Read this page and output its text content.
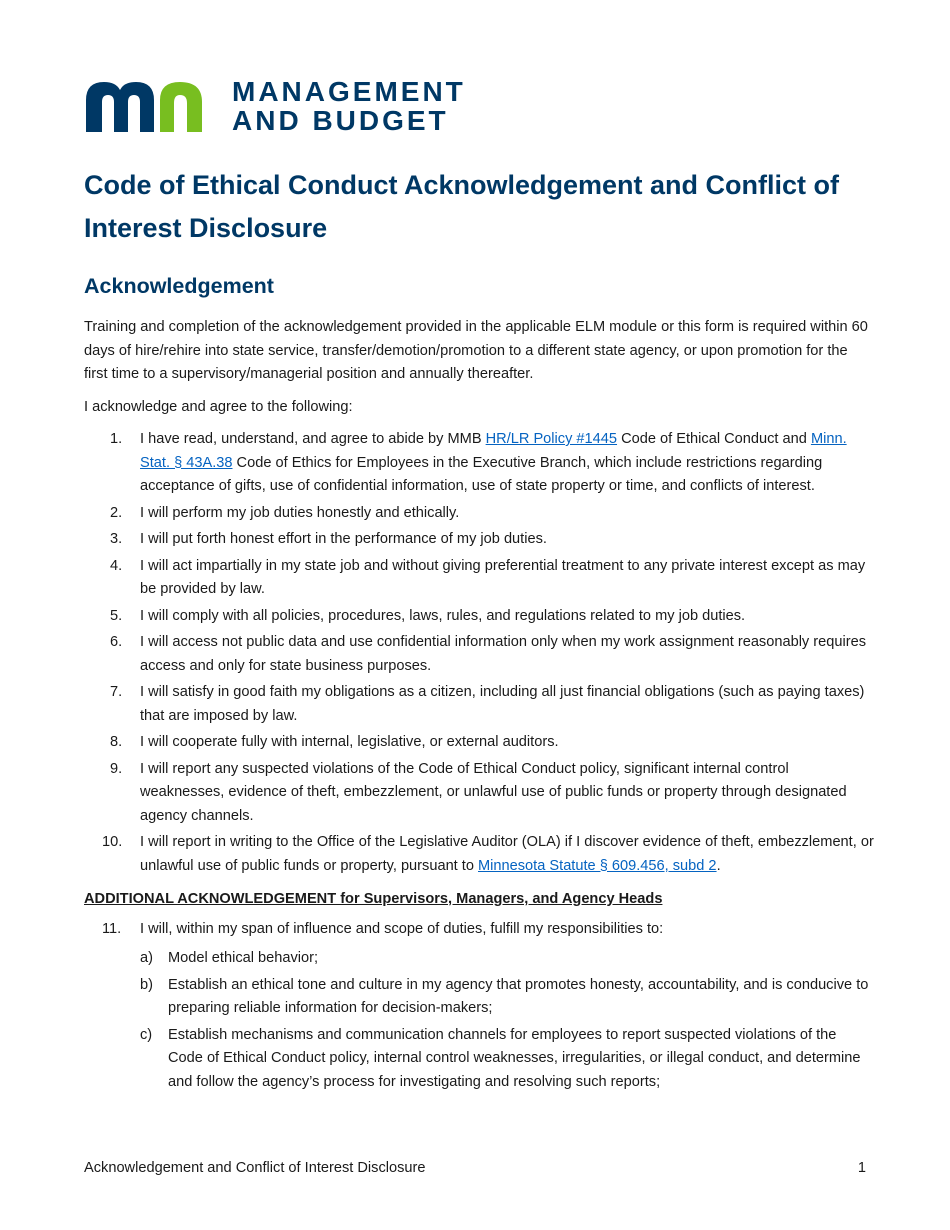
MANAGEMENT
AND BUDGET
Code of Ethical Conduct Acknowledgement and Conflict of Interest Disclosure
Acknowledgement

Training and completion of the acknowledgement provided in the applicable ELM module or this form is required within 60 days of hire/rehire into state service, transfer/demotion/promotion to a different state agency, or upon promotion for the first time to a supervisory/managerial position and annually thereafter.

I acknowledge and agree to the following:

1.	I have read, understand, and agree to abide by MMB HR/LR Policy #1445 Code of Ethical Conduct and Minn. Stat. § 43A.38 Code of Ethics for Employees in the Executive Branch, which include restrictions regarding acceptance of gifts, use of confidential information, use of state property or time, and conflicts of interest.
2.	I will perform my job duties honestly and ethically.
3.	I will put forth honest effort in the performance of my job duties.
4.	I will act impartially in my state job and without giving preferential treatment to any private interest except as may be provided by law.
5.	I will comply with all policies, procedures, laws, rules, and regulations related to my job duties.
6.	I will access not public data and use confidential information only when my work assignment reasonably requires access and only for state business purposes.
7.	I will satisfy in good faith my obligations as a citizen, including all just financial obligations (such as paying taxes) that are imposed by law.
8.	I will cooperate fully with internal, legislative, or external auditors.
9.	I will report any suspected violations of the Code of Ethical Conduct policy, significant internal control weaknesses, evidence of theft, embezzlement, or unlawful use of public funds or property through designated agency channels.
10.	I will report in writing to the Office of the Legislative Auditor (OLA) if I discover evidence of theft, embezzlement, or unlawful use of public funds or property, pursuant to Minnesota Statute § 609.456, subd 2.
ADDITIONAL ACKNOWLEDGEMENT for Supervisors, Managers, and Agency Heads
11.	I will, within my span of influence and scope of duties, fulfill my responsibilities to:
a)	Model ethical behavior;
b)	Establish an ethical tone and culture in my agency that promotes honesty, accountability, and is conducive to preparing reliable information for decision-makers;
c)	Establish mechanisms and communication channels for employees to report suspected violations of the Code of Ethical Conduct policy, internal control weaknesses, irregularities, or illegal conduct, and determine and follow the agency’s process for investigating and resolving such reports;
Acknowledgement and Conflict of Interest Disclosure	1
